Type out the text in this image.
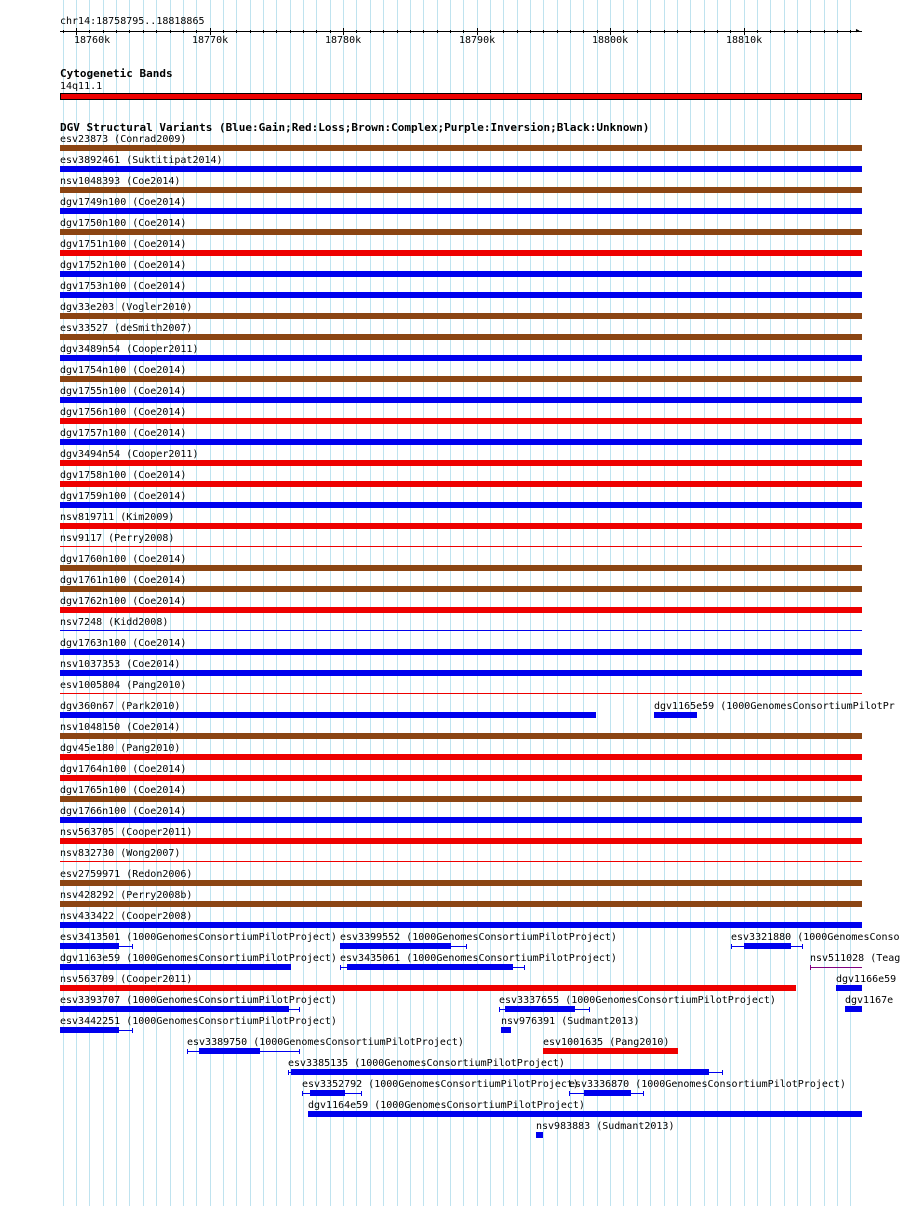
chr14:18758795..18818865
18760k	18770k	18780k	18790k	18800k	18810k
▸
Cytogenetic Bands
14q11.1
DGV Structural Variants (Blue:Gain;Red:Loss;Brown:Complex;Purple:Inversion;Black:Unknown)
esv23873 (Conrad2009)
esv3892461 (Suktitipat2014)
nsv1048393 (Coe2014)
dgv1749n100 (Coe2014)
dgv1750n100 (Coe2014)
dgv1751n100 (Coe2014)
dgv1752n100 (Coe2014)
dgv1753n100 (Coe2014)
dgv33e203 (Vogler2010)
esv33527 (deSmith2007)
dgv3489n54 (Cooper2011)
dgv1754n100 (Coe2014)
dgv1755n100 (Coe2014)
dgv1756n100 (Coe2014)
dgv1757n100 (Coe2014)
dgv3494n54 (Cooper2011)
dgv1758n100 (Coe2014)
dgv1759n100 (Coe2014)
nsv819711 (Kim2009)
nsv9117 (Perry2008)
dgv1760n100 (Coe2014)
dgv1761n100 (Coe2014)
dgv1762n100 (Coe2014)
nsv7248 (Kidd2008)
dgv1763n100 (Coe2014)
nsv1037353 (Coe2014)
esv1005804 (Pang2010)
dgv360n67 (Park2010)	dgv1165e59 (1000GenomesConsortiumPilotPr
nsv1048150 (Coe2014)
dgv45e180 (Pang2010)
dgv1764n100 (Coe2014)
dgv1765n100 (Coe2014)
dgv1766n100 (Coe2014)
nsv563705 (Cooper2011)
nsv832730 (Wong2007)
esv2759971 (Redon2006)
nsv428292 (Perry2008b)
nsv433422 (Cooper2008)
esv3413501 (1000GenomesConsortiumPilotProject) esv3399552 (1000GenomesConsortiumPilotProject)	esv3321880 (1000GenomesConso
dgv1163e59 (1000GenomesConsortiumPilotProject) esv3435061 (1000GenomesConsortiumPilotProject)	nsv511028 (Teag
nsv563709 (Cooper2011)	dgv1166e59
esv3393707 (1000GenomesConsortiumPilotProject)	esv3337655 (1000GenomesConsortiumPilotProject)	dgv1167e
esv3442251 (1000GenomesConsortiumPilotProject)	nsv976391 (Sudmant2013)
esv3389750 (1000GenomesConsortiumPilotProject)	esv1001635 (Pang2010)
esv3385135 (1000GenomesConsortiumPilotProject)
esv3352792 (1000GenomesConsortiumPilotProject)
esv3336870 (1000GenomesConsortiumPilotProject)
dgv1164e59 (1000GenomesConsortiumPilotProject)
nsv983883 (Sudmant2013)
